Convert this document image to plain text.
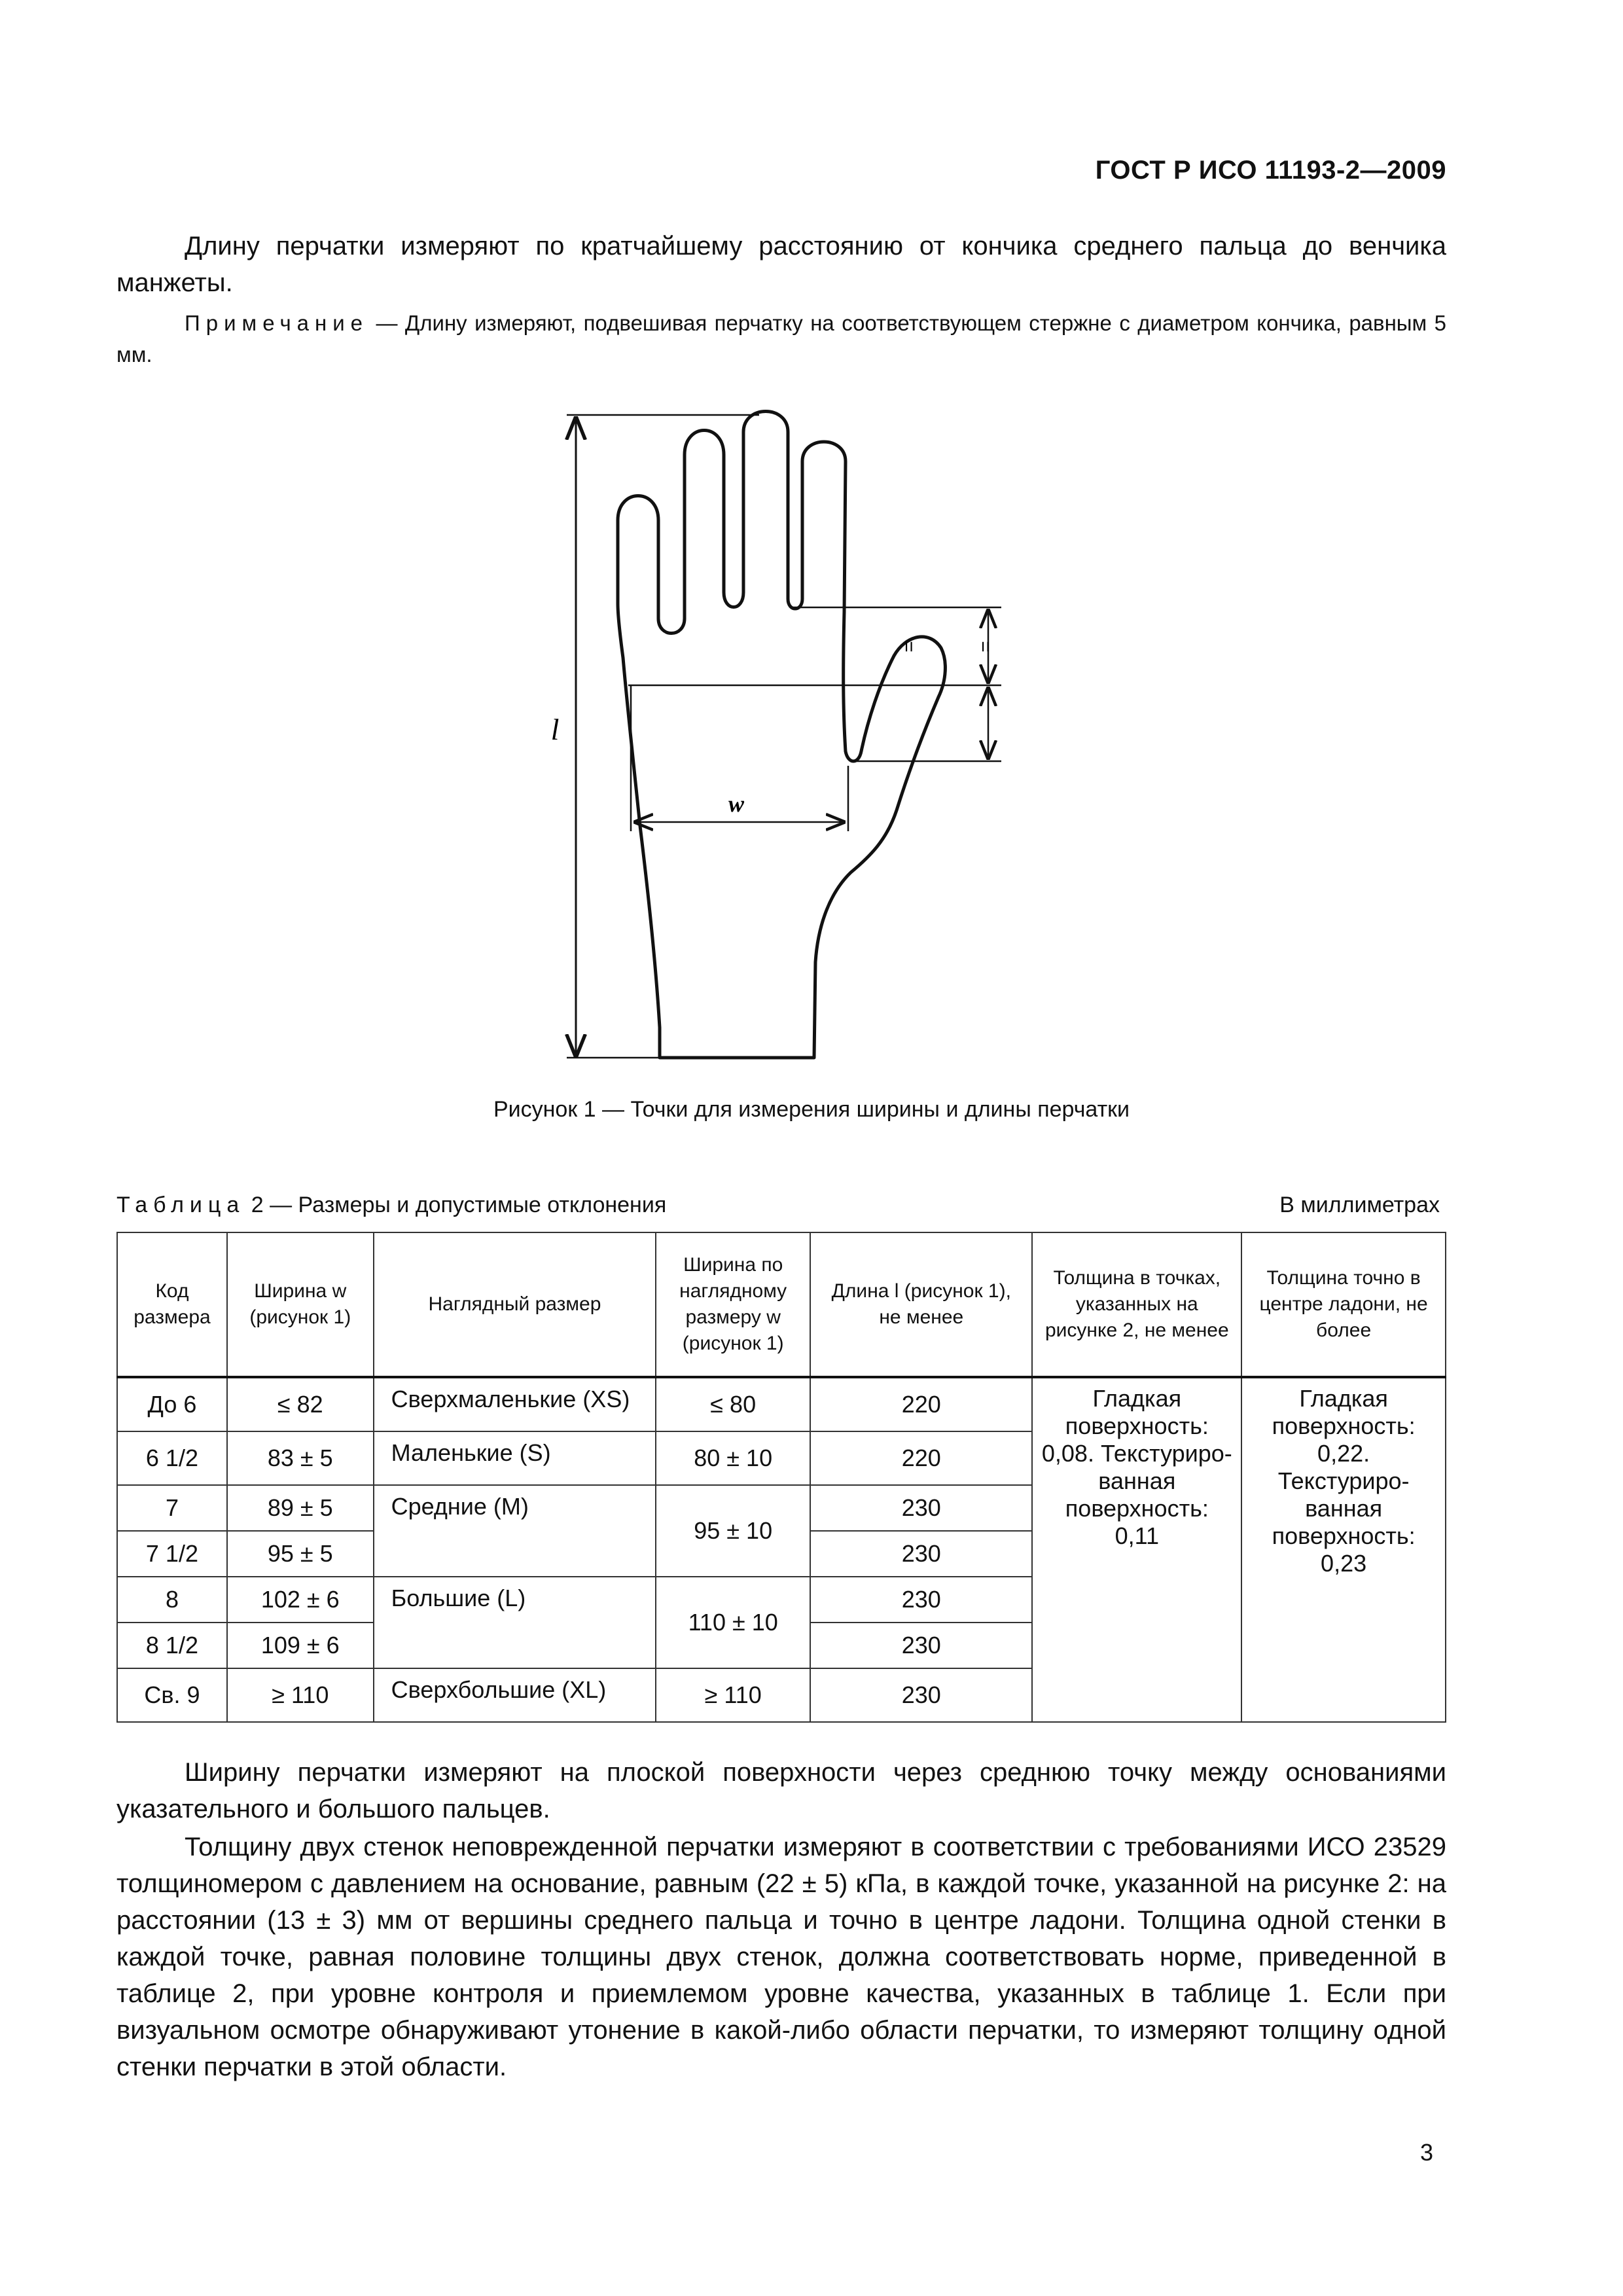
ГОСТ Р ИСО 11193-2—2009
Длину перчатки измеряют по кратчайшему расстоянию от кончика среднего пальца до венчика манжеты.
Примечание — Длину измеряют, подвешивая перчатку на соответствующем стержне с диаметром кончика, равным 5 мм.
l
=
=
w
Рисунок 1 — Точки для измерения ширины и длины перчатки
Таблица 2 — Размеры и допустимые отклонения	В миллиметрах
Код размера	Ширина w (рисунок 1)	Наглядный размер	Ширина по наглядному размеру w (рисунок 1)	Длина l (рисунок 1), не менее	Толщина в точках, указанных на рисунке 2, не менее	Толщина точно в центре ладони, не более
До 6	≤ 82	Сверхмаленькие (XS)	≤ 80	220	Гладкая поверхность: 0,08. Текстуриро-ванная поверхность: 0,11	Гладкая поверхность: 0,22. Текстуриро-ванная поверхность: 0,23
6 1/2	83 ± 5	Маленькие (S)	80 ± 10	220		
7	89 ± 5	Средние (M)	95 ± 10	230		
7 1/2	95 ± 5			230		
8	102 ± 6	Большие (L)	110 ± 10	230		
8 1/2	109 ± 6			230		
Св. 9	≥ 110	Сверхбольшие (XL)	≥ 110	230		
Ширину перчатки измеряют на плоской поверхности через среднюю точку между основаниями указательного и большого пальцев.
Толщину двух стенок неповрежденной перчатки измеряют в соответствии с требованиями ИСО 23529 толщиномером с давлением на основание, равным (22 ± 5) кПа, в каждой точке, указанной на рисунке 2: на расстоянии (13 ± 3) мм от вершины среднего пальца и точно в центре ладони. Толщина одной стенки в каждой точке, равная половине толщины двух стенок, должна соответствовать норме, приведенной в таблице 2, при уровне контроля и приемлемом уровне качества, указанных в таблице 1. Если при визуальном осмотре обнаруживают утонение в какой-либо области перчатки, то измеряют толщину одной стенки перчатки в этой области.
3
